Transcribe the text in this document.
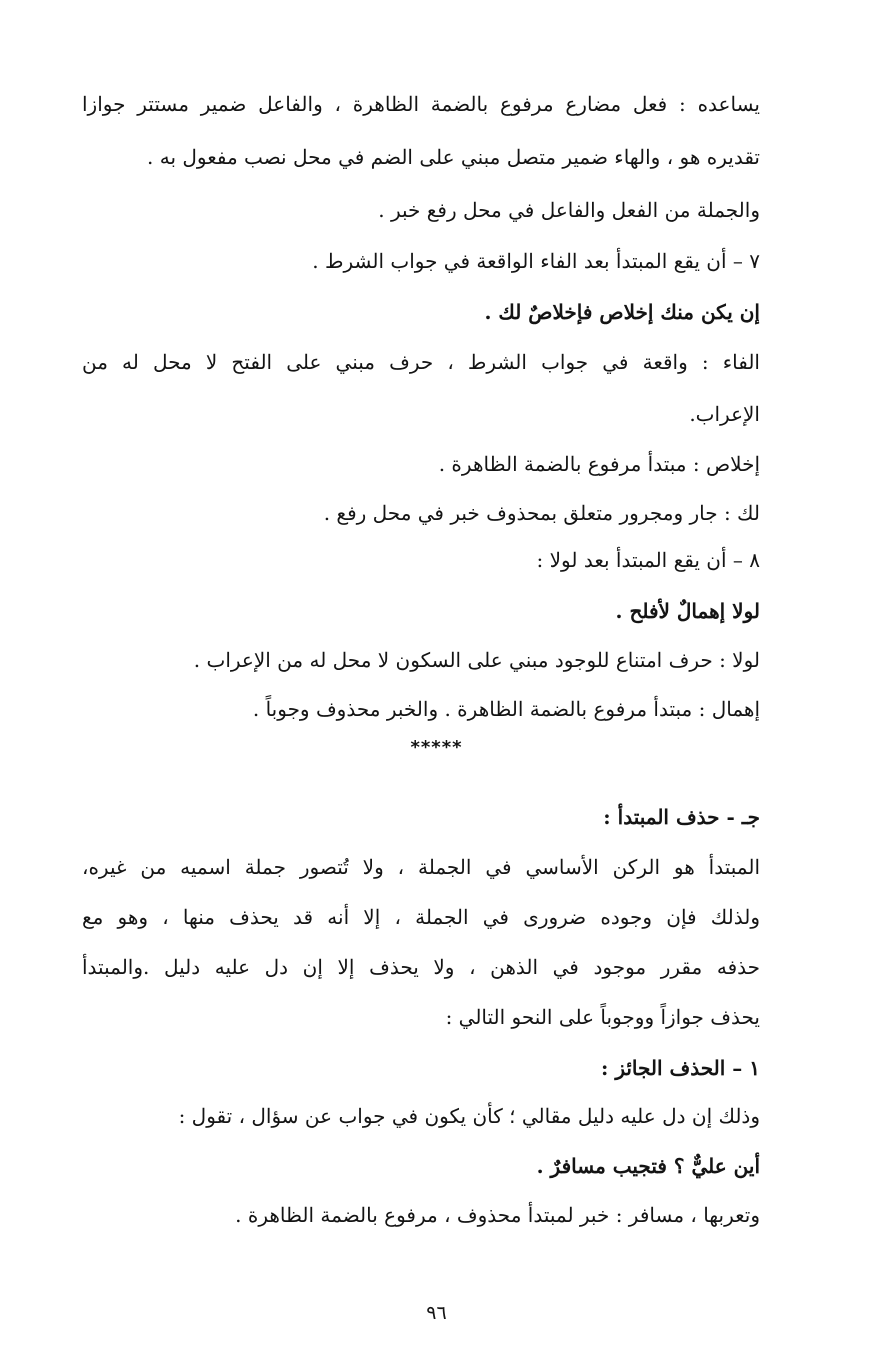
يساعده : فعل مضارع مرفوع بالضمة الظاهرة ، والفاعل ضمير مستتر جوازا
تقديره هو ، والهاء ضمير متصل مبني على الضم في محل نصب مفعول به .
والجملة من الفعل والفاعل في محل رفع خبر .
٧ – أن يقع المبتدأ بعد الفاء الواقعة في جواب الشرط .
إن يكن منك إخلاص فإخلاصٌ لك .
الفاء : واقعة في جواب الشرط ، حرف مبني على الفتح لا محل له من
الإعراب.
إخلاص : مبتدأ مرفوع بالضمة الظاهرة .
لك : جار ومجرور متعلق بمحذوف خبر في محل رفع .
٨ – أن يقع المبتدأ بعد لولا :
لولا إهمالٌ لأفلح .
لولا : حرف امتناع للوجود مبني على السكون لا محل له من الإعراب .
إهمال : مبتدأ مرفوع بالضمة الظاهرة . والخبر محذوف وجوباً .
*****
جـ - حذف المبتدأ :
المبتدأ هو الركن الأساسي في الجملة ، ولا تُتصور جملة اسميه من غيره،
ولذلك فإن وجوده ضرورى في الجملة ، إلا أنه قد يحذف منها ، وهو مع
حذفه مقرر موجود في الذهن ، ولا يحذف إلا إن دل عليه دليل .والمبتدأ
يحذف جوازاً ووجوباً على النحو التالي :
١ – الحذف الجائز :
وذلك إن دل عليه دليل مقالي ؛ كأن يكون في جواب عن سؤال ، تقول :
أين عليٌّ ؟ فتجيب مسافرٌ .
وتعربها ، مسافر : خبر لمبتدأ محذوف ، مرفوع بالضمة الظاهرة .
٩٦
